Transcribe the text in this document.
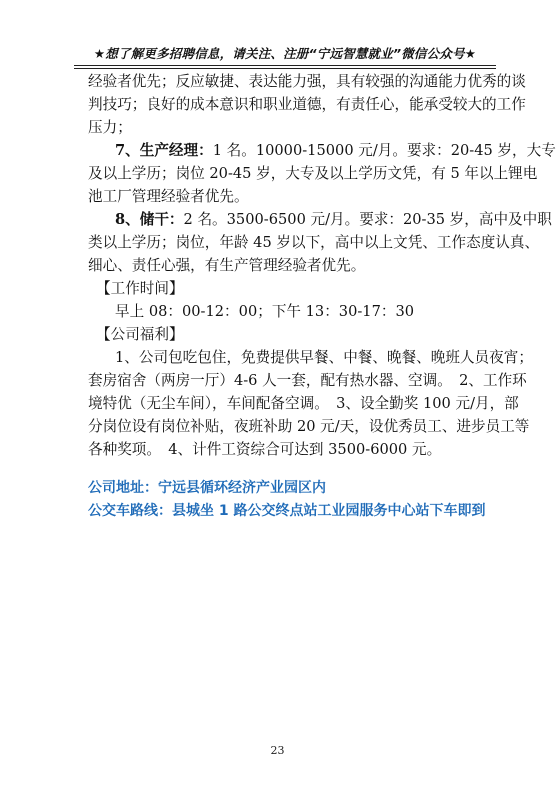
★想了解更多招聘信息，请关注、注册“宁远智慧就业”微信公众号★
经验者优先；反应敏捷、表达能力强，具有较强的沟通能力优秀的谈
判技巧；良好的成本意识和职业道德，有责任心，能承受较大的工作
压力；
7、生产经理：1 名。10000-15000 元/月。要求：20-45 岁，大专
及以上学历；岗位 20-45 岁，大专及以上学历文凭，有 5 年以上锂电
池工厂管理经验者优先。
8、储干：2 名。3500-6500 元/月。要求：20-35 岁，高中及中职
类以上学历；岗位，年龄 45 岁以下，高中以上文凭、工作态度认真、
细心、责任心强，有生产管理经验者优先。
【工作时间】
早上 08：00-12：00；下午 13：30-17：30
【公司福利】
1、公司包吃包住，免费提供早餐、中餐、晚餐、晚班人员夜宵；
套房宿舍（两房一厅）4-6 人一套，配有热水器、空调。　2、工作环
境特优（无尘车间），车间配备空调。　3、设全勤奖 100 元/月，部
分岗位设有岗位补贴，夜班补助 20 元/天，设优秀员工、进步员工等
各种奖项。　4、计件工资综合可达到 3500-6000 元。
公司地址：宁远县循环经济产业园区内
公交车路线：县城坐 1 路公交终点站工业园服务中心站下车即到
23
